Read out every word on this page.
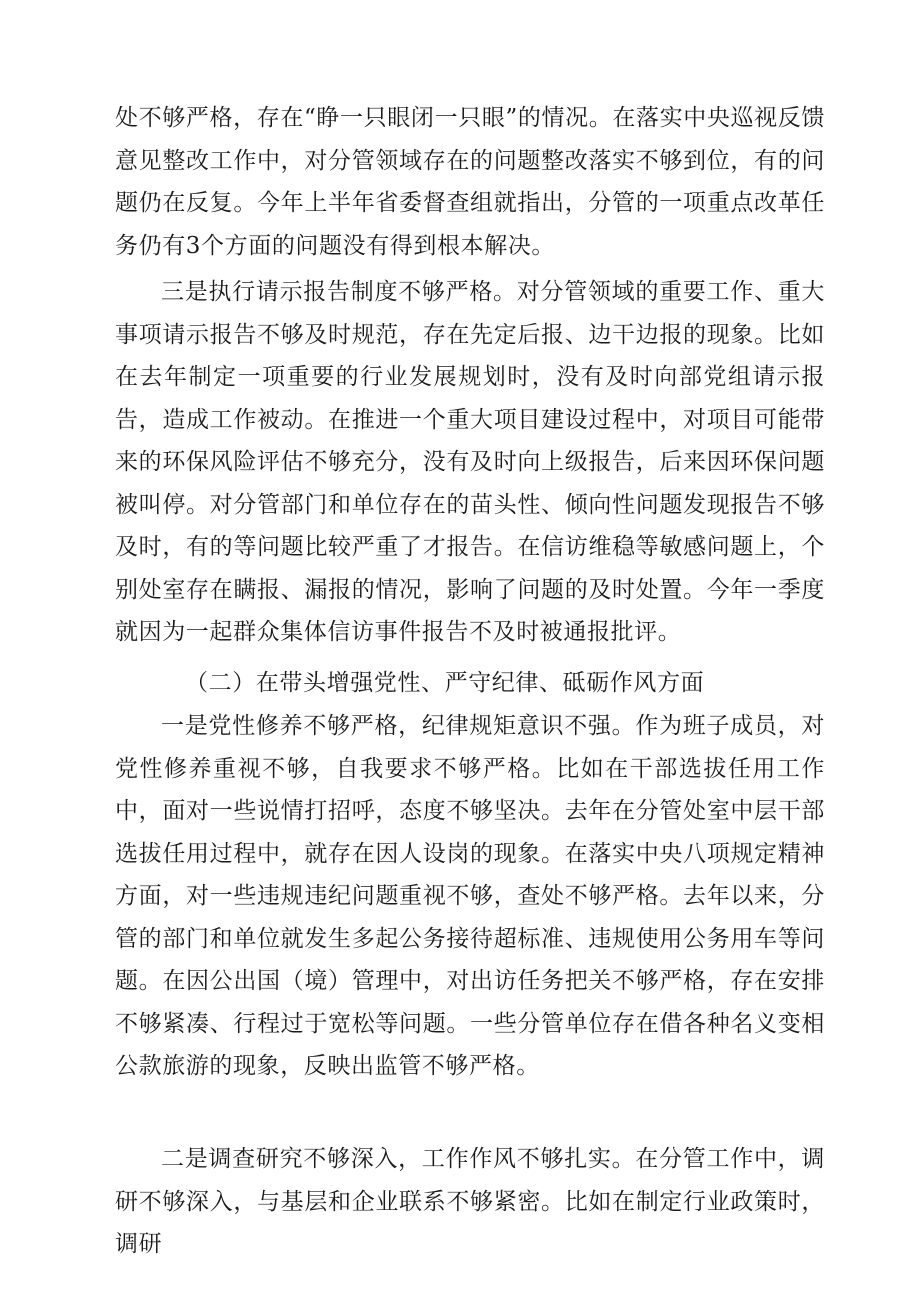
处不够严格，存在“睁一只眼闭一只眼”的情况。在落实中央巡视反馈意见整改工作中，对分管领域存在的问题整改落实不够到位，有的问题仍在反复。今年上半年省委督查组就指出，分管的一项重点改革任务仍有3个方面的问题没有得到根本解决。

三是执行请示报告制度不够严格。对分管领域的重要工作、重大事项请示报告不够及时规范，存在先定后报、边干边报的现象。比如在去年制定一项重要的行业发展规划时，没有及时向部党组请示报告，造成工作被动。在推进一个重大项目建设过程中，对项目可能带来的环保风险评估不够充分，没有及时向上级报告，后来因环保问题被叫停。对分管部门和单位存在的苗头性、倾向性问题发现报告不够及时，有的等问题比较严重了才报告。在信访维稳等敏感问题上，个别处室存在瞒报、漏报的情况，影响了问题的及时处置。今年一季度就因为一起群众集体信访事件报告不及时被通报批评。

（二）在带头增强党性、严守纪律、砥砺作风方面

一是党性修养不够严格，纪律规矩意识不强。作为班子成员，对党性修养重视不够，自我要求不够严格。比如在干部选拔任用工作中，面对一些说情打招呼，态度不够坚决。去年在分管处室中层干部选拔任用过程中，就存在因人设岗的现象。在落实中央八项规定精神方面，对一些违规违纪问题重视不够，查处不够严格。去年以来，分管的部门和单位就发生多起公务接待超标准、违规使用公务用车等问题。在因公出国（境）管理中，对出访任务把关不够严格，存在安排不够紧凑、行程过于宽松等问题。一些分管单位存在借各种名义变相公款旅游的现象，反映出监管不够严格。

二是调查研究不够深入，工作作风不够扎实。在分管工作中，调研不够深入，与基层和企业联系不够紧密。比如在制定行业政策时，调研
